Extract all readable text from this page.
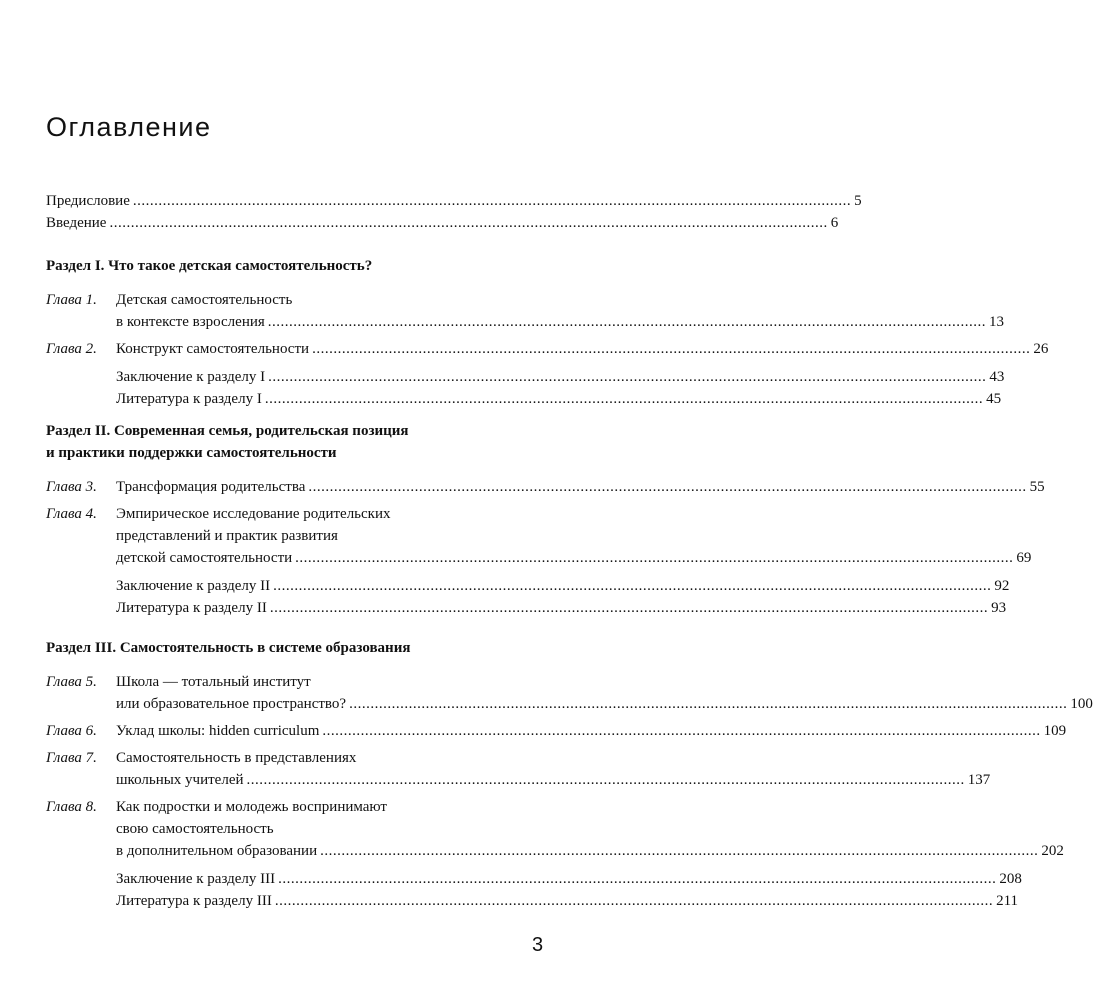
Оглавление
Предисловие .....	5
Введение .....	6
Раздел I. Что такое детская самостоятельность?
Глава 1.	Детская самостоятельность
в контексте взросления .....	13
Глава 2.	Конструкт самостоятельности .....	26
Заключение к разделу I .....	43
Литература к разделу I .....	45
Раздел II. Современная семья, родительская позиция
и практики поддержки самостоятельности
Глава 3.	Трансформация родительства .....	55
Глава 4.	Эмпирическое исследование родительских
представлений и практик развития
детской самостоятельности .....	69
Заключение к разделу II .....	92
Литература к разделу II .....	93
Раздел III. Самостоятельность в системе образования
Глава 5.	Школа — тотальный институт
или образовательное пространство? .....	100
Глава 6.	Уклад школы: hidden curriculum .....	109
Глава 7.	Самостоятельность в представлениях
школьных учителей .....	137
Глава 8.	Как подростки и молодежь воспринимают
свою самостоятельность
в дополнительном образовании .....	202
Заключение к разделу III .....	208
Литература к разделу III .....	211
3
